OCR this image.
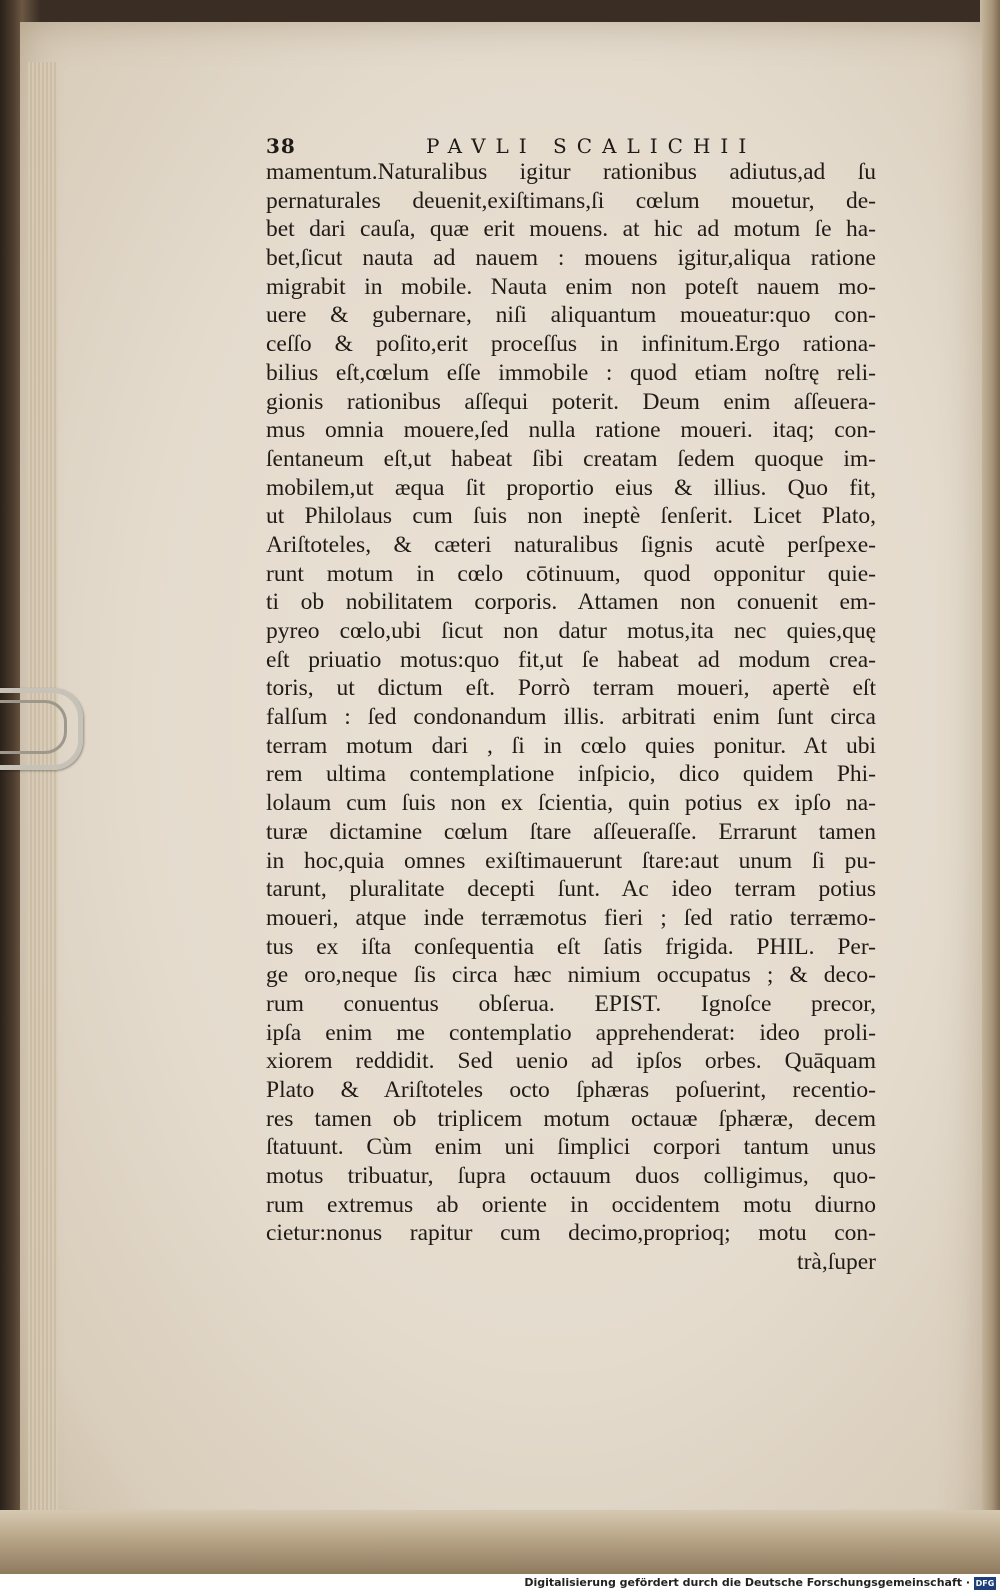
38	PAVLI SCALICHII
mamentum.Naturalibus igitur rationibus adiutus,ad ſu
pernaturales deuenit,exiſtimans,ſi cœlum mouetur, de-
bet dari cauſa, quæ erit mouens. at hic ad motum ſe ha-
bet,ſicut nauta ad nauem : mouens igitur,aliqua ratione
migrabit in mobile. Nauta enim non poteſt nauem mo-
uere & gubernare, niſi aliquantum moueatur:quo con-
ceſſo & poſito,erit proceſſus in infinitum.Ergo rationa-
bilius eſt,cœlum eſſe immobile : quod etiam noſtrę reli-
gionis rationibus aſſequi poterit. Deum enim aſſeuera-
mus omnia mouere,ſed nulla ratione moueri. itaq; con-
ſentaneum eſt,ut habeat ſibi creatam ſedem quoque im-
mobilem,ut æqua ſit proportio eius & illius. Quo fit,
ut Philolaus cum ſuis non ineptè ſenſerit. Licet Plato,
Ariſtoteles, & cæteri naturalibus ſignis acutè perſpexe-
runt motum in cœlo cōtinuum, quod opponitur quie-
ti ob nobilitatem corporis. Attamen non conuenit em-
pyreo cœlo,ubi ſicut non datur motus,ita nec quies,quę
eſt priuatio motus:quo fit,ut ſe habeat ad modum crea-
toris, ut dictum eſt. Porrò terram moueri, apertè eſt
falſum : ſed condonandum illis. arbitrati enim ſunt circa
terram motum dari , ſi in cœlo quies ponitur. At ubi
rem ultima contemplatione inſpicio, dico quidem Phi-
lolaum cum ſuis non ex ſcientia, quin potius ex ipſo na-
turæ dictamine cœlum ſtare aſſeueraſſe. Errarunt tamen
in hoc,quia omnes exiſtimauerunt ſtare:aut unum ſi pu-
tarunt, pluralitate decepti ſunt. Ac ideo terram potius
moueri, atque inde terræmotus fieri ; ſed ratio terræmo-
tus ex iſta conſequentia eſt ſatis frigida. PHIL. Per-
ge oro,neque ſis circa hæc nimium occupatus ; & deco-
rum conuentus obſerua. EPIST. Ignoſce precor,
ipſa enim me contemplatio apprehenderat: ideo proli-
xiorem reddidit. Sed uenio ad ipſos orbes. Quāquam
Plato & Ariſtoteles octo ſphæras poſuerint, recentio-
res tamen ob triplicem motum octauæ ſphæræ, decem
ſtatuunt. Cùm enim uni ſimplici corpori tantum unus
motus tribuatur, ſupra octauum duos colligimus, quo-
rum extremus ab oriente in occidentem motu diurno
cietur:nonus rapitur cum decimo,proprioq; motu con-
trà,ſuper
Digitalisierung gefördert durch die Deutsche Forschungsgemeinschaft · DFG
